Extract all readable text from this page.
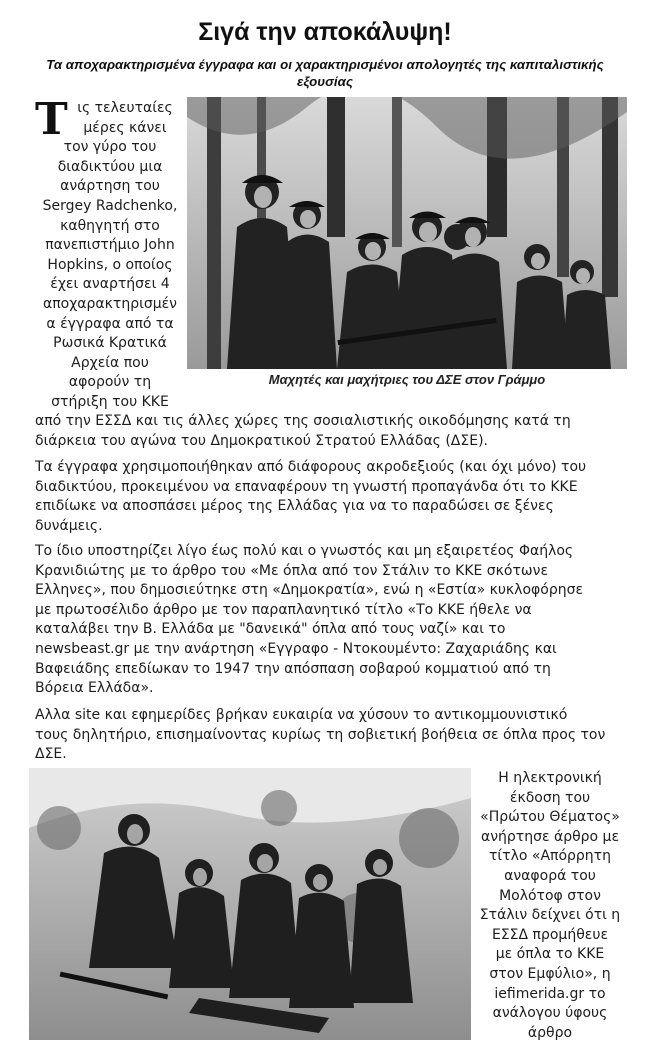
Σιγά την αποκάλυψη!
Τα αποχαρακτηρισμένα έγγραφα και οι χαρακτηρισμένοι απολογητές της καπιταλιστικής εξουσίας
Μαχητές και μαχήτριες του ΔΣΕ στον Γράμμο
Τ ις τελευταίες
μέρες κάνει
τον γύρο του
διαδικτύου μια
ανάρτηση του
Sergey Radchenko,
καθηγητή στο
πανεπιστήμιο John
Hopkins, ο οποίος
έχει αναρτήσει 4
αποχαρακτηρισμέν
α έγγραφα από τα
Ρωσικά Κρατικά
Αρχεία που
αφορούν τη
στήριξη του ΚΚΕ
από την ΕΣΣΔ και τις άλλες χώρες της σοσιαλιστικής οικοδόμησης κατά τη
διάρκεια του αγώνα του Δημοκρατικού Στρατού Ελλάδας (ΔΣΕ).
Τα έγγραφα χρησιμοποιήθηκαν από διάφορους ακροδεξιούς (και όχι μόνο) του
διαδικτύου, προκειμένου να επαναφέρουν τη γνωστή προπαγάνδα ότι το ΚΚΕ
επιδίωκε να αποσπάσει μέρος της Ελλάδας για να το παραδώσει σε ξένες
δυνάμεις.
Το ίδιο υποστηρίζει λίγο έως πολύ και ο γνωστός και μη εξαιρετέος Φαήλος
Κρανιδιώτης με το άρθρο του «Με όπλα από τον Στάλιν το ΚΚΕ σκότωνε
Ελληνες», που δημοσιεύτηκε στη «Δημοκρατία», ενώ η «Εστία» κυκλοφόρησε
με πρωτοσέλιδο άρθρο με τον παραπλανητικό τίτλο «Το ΚΚΕ ήθελε να
καταλάβει την Β. Ελλάδα με "δανεικά" όπλα από τους ναζί» και το
newsbeast.gr με την ανάρτηση «Εγγραφο - Ντοκουμέντο: Ζαχαριάδης και
Βαφειάδης επεδίωκαν το 1947 την απόσπαση σοβαρού κομματιού από τη
Βόρεια Ελλάδα».
Αλλα site και εφημερίδες βρήκαν ευκαιρία να χύσουν το αντικομμουνιστικό
τους δηλητήριο, επισημαίνοντας κυρίως τη σοβιετική βοήθεια σε όπλα προς τον
ΔΣΕ.
Η ηλεκτρονική
έκδοση του
«Πρώτου Θέματος»
ανήρτησε άρθρο με
τίτλο «Απόρρητη
αναφορά του
Μολότοφ στον
Στάλιν δείχνει ότι η
ΕΣΣΔ προμήθευε
με όπλα το ΚΚΕ
στον Εμφύλιο», η
iefimerida.gr το
ανάλογου ύφους
άρθρο
